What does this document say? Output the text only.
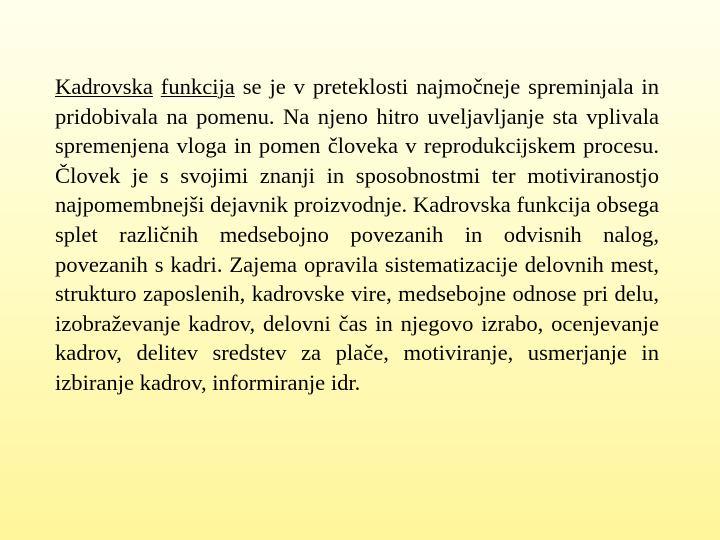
Kadrovska funkcija se je v preteklosti najmočneje spreminjala in pridobivala na pomenu. Na njeno hitro uveljavljanje sta vplivala spremenjena vloga in pomen človeka v reprodukcijskem procesu. Človek je s svojimi znanji in sposobnostmi ter motiviranostjo najpomembnejši dejavnik proizvodnje. Kadrovska funkcija obsega splet različnih medsebojno povezanih in odvisnih nalog, povezanih s kadri. Zajema opravila sistematizacije delovnih mest, strukturo zaposlenih, kadrovske vire, medsebojne odnose pri delu, izobraževanje kadrov, delovni čas in njegovo izrabo, ocenjevanje kadrov, delitev sredstev za plače, motiviranje, usmerjanje in izbiranje kadrov, informiranje idr.
